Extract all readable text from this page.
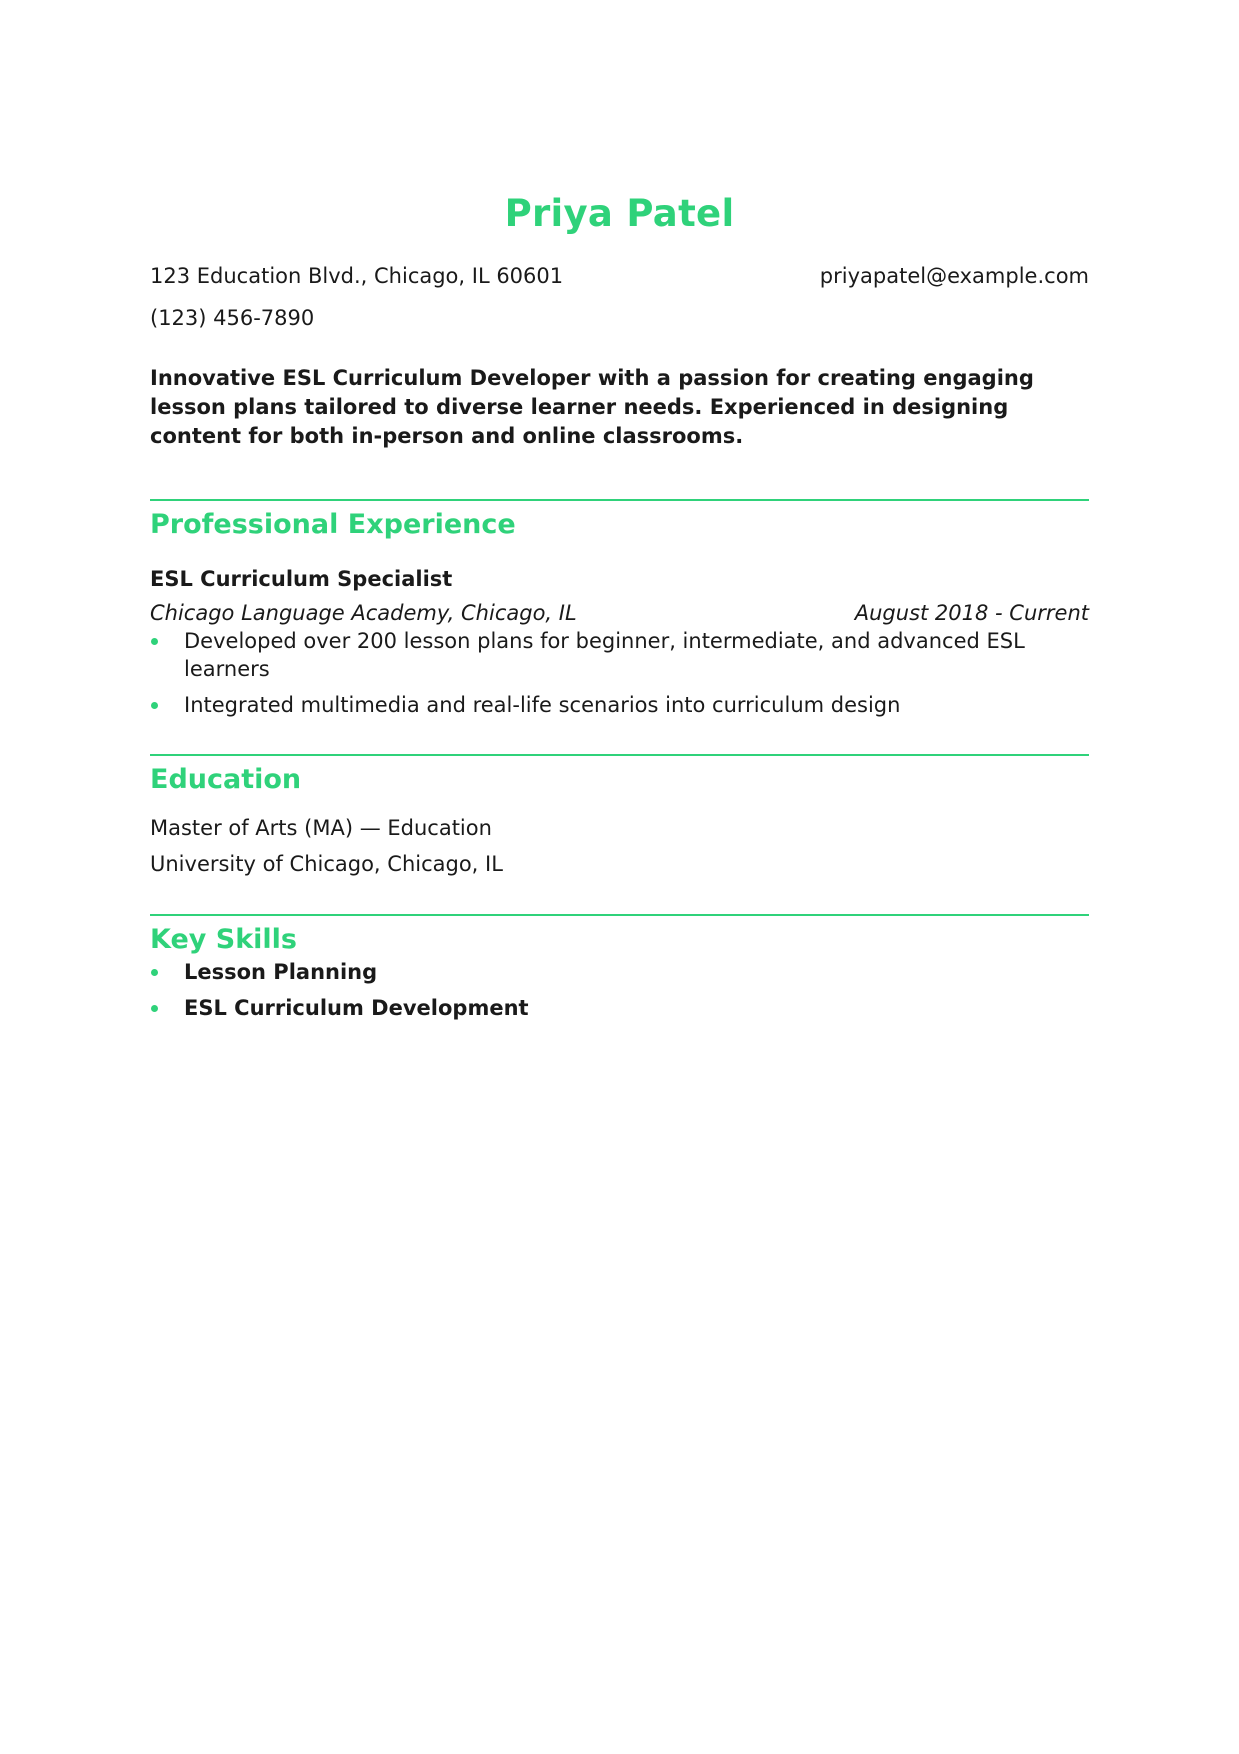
Priya Patel
123 Education Blvd., Chicago, IL 60601	priyapatel@example.com
(123) 456-7890
Innovative ESL Curriculum Developer with a passion for creating engaging lesson plans tailored to diverse learner needs. Experienced in designing content for both in-person and online classrooms.
Professional Experience
ESL Curriculum Specialist
Chicago Language Academy, Chicago, IL	August 2018 - Current
Developed over 200 lesson plans for beginner, intermediate, and advanced ESL learners
Integrated multimedia and real-life scenarios into curriculum design
Education
Master of Arts (MA) — Education
University of Chicago, Chicago, IL
Key Skills
Lesson Planning
ESL Curriculum Development
